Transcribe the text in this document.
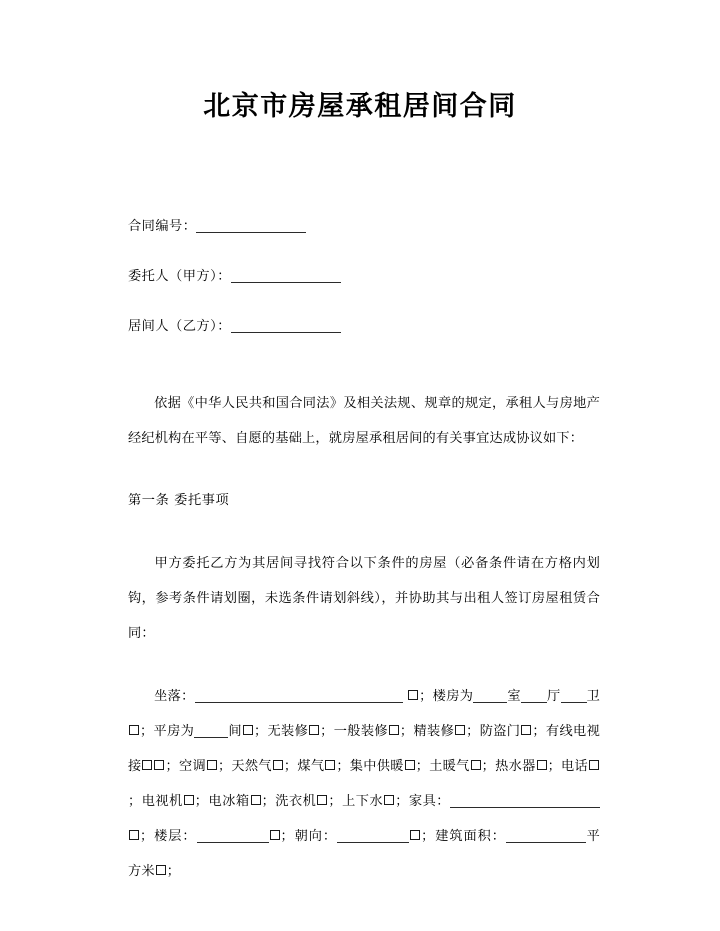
北京市房屋承租居间合同
合同编号：
委托人（甲方）：
居间人（乙方）：
依据《中华人民共和国合同法》及相关法规、规章的规定，承租人与房地产经纪机构在平等、自愿的基础上，就房屋承租居间的有关事宜达成协议如下：
第一条 委托事项
甲方委托乙方为其居间寻找符合以下条件的房屋（必备条件请在方格内划钩，参考条件请划圈，未选条件请划斜线），并协助其与出租人签订房屋租赁合同：
坐落：	；楼房为	室 厅 卫；平房为	间 ；无装修 ；一般装修 ；精装修 ；防盗门 ；有线电视接 ；空调 ；天然气 ；煤气 ；集中供暖 ；土暖气 ；热水器 ；电话；电视机 ；电冰箱 ；洗衣机 ；上下水 ；家具：；楼层：	；朝向：	；建筑面积：	平方米 ；
